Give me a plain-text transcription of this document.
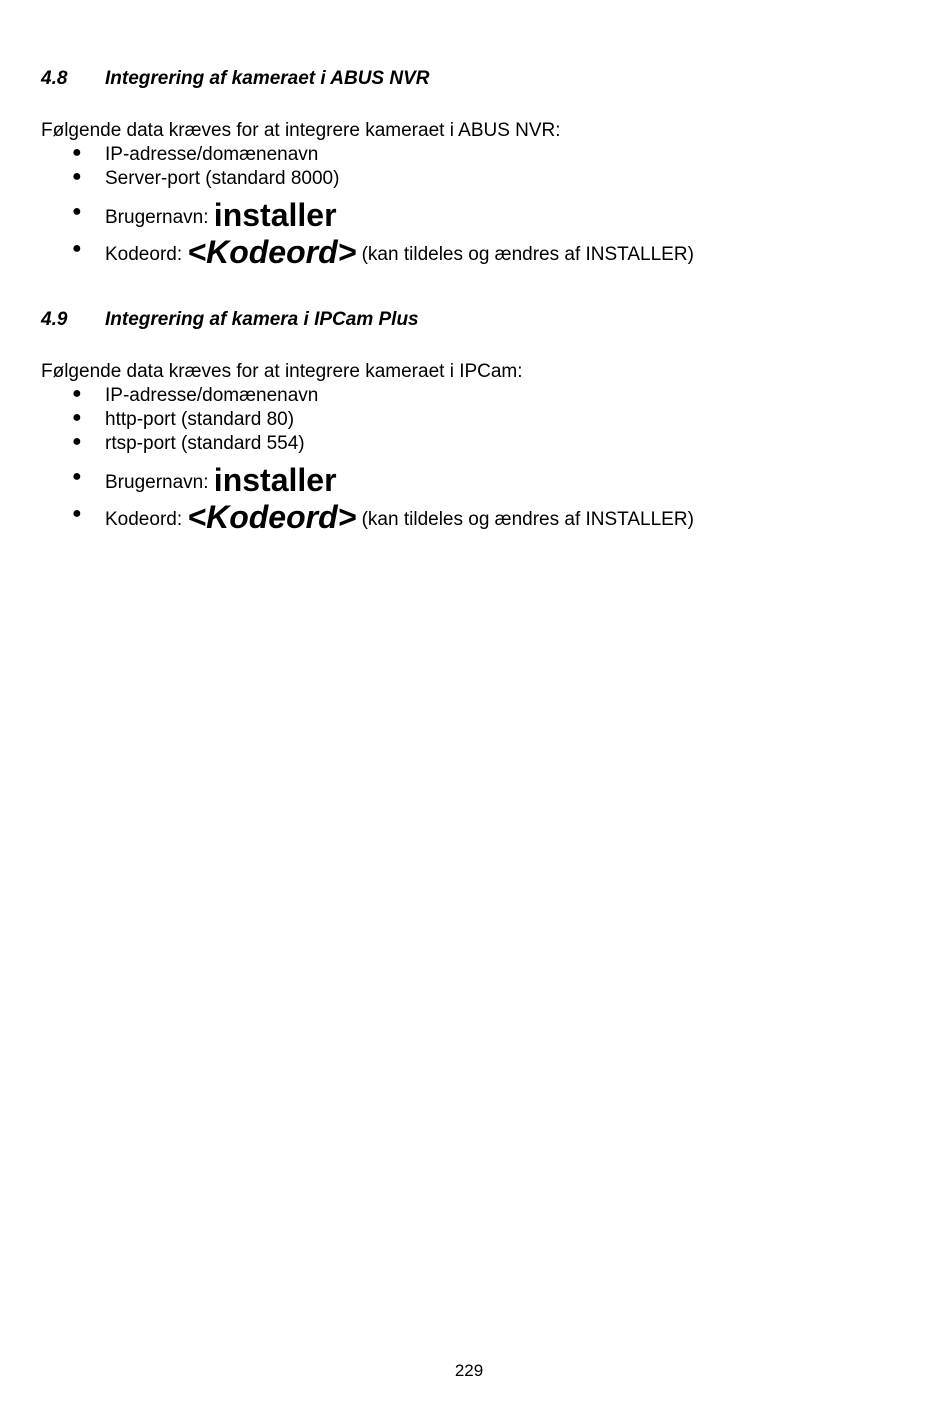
4.8 Integrering af kameraet i ABUS NVR
Følgende data kræves for at integrere kameraet i ABUS NVR:
● IP-adresse/domænenavn
● Server-port (standard 8000)
● Brugernavn: installer
● Kodeord: <Kodeord> (kan tildeles og ændres af INSTALLER)
4.9 Integrering af kamera i IPCam Plus
Følgende data kræves for at integrere kameraet i IPCam:
● IP-adresse/domænenavn
● http-port (standard 80)
● rtsp-port (standard 554)
● Brugernavn: installer
● Kodeord: <Kodeord> (kan tildeles og ændres af INSTALLER)
229
